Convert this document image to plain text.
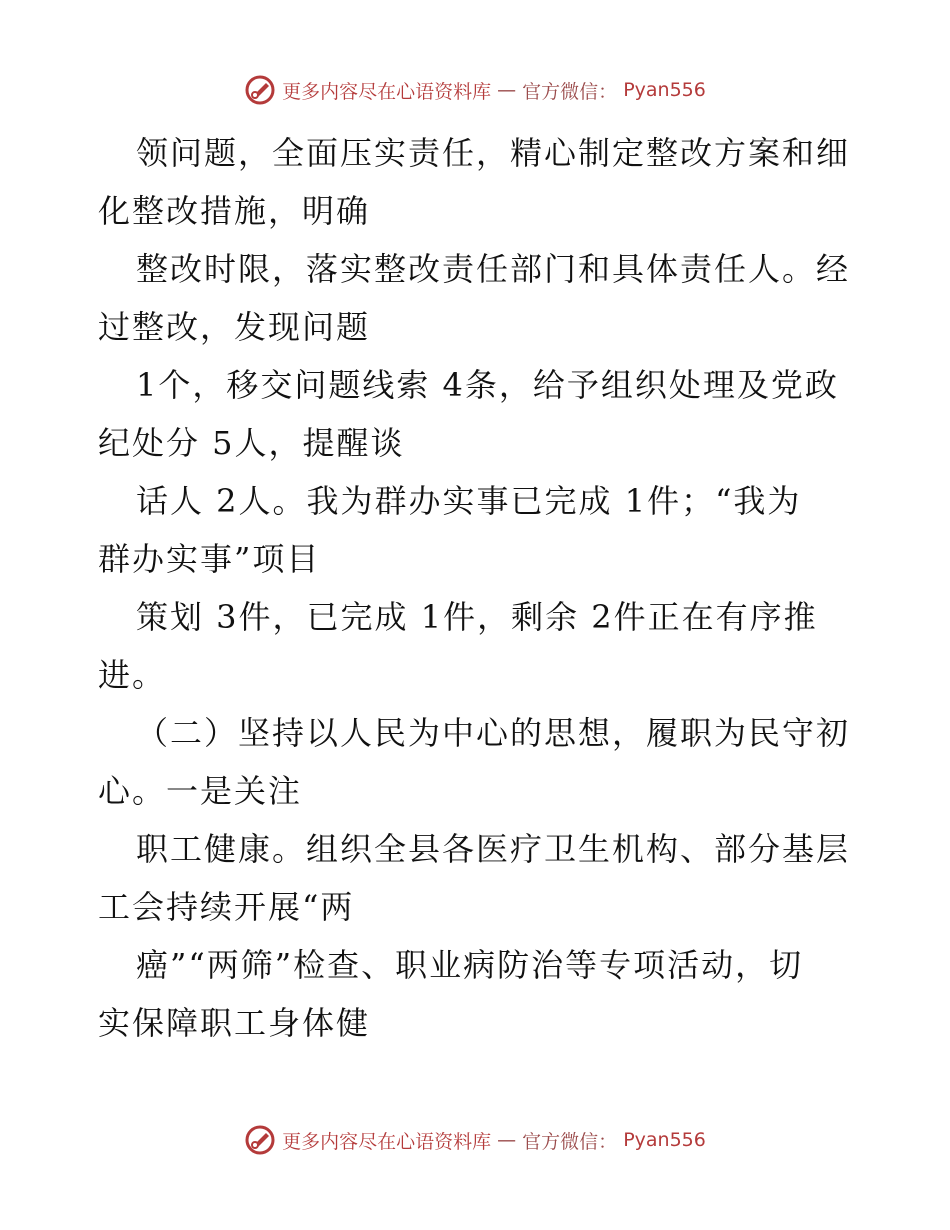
更多内容尽在心语资料库 — 官方微信： Pyan556

领问题，全面压实责任，精心制定整改方案和细
化整改措施，明确

整改时限，落实整改责任部门和具体责任人。经
过整改，发现问题

1个，移交问题线索 4条，给予组织处理及党政
纪处分 5人，提醒谈

话人 2人。我为群办实事已完成 1件；“我为
群办实事”项目

策划 3件，已完成 1件，剩余 2件正在有序推
进。

（二）坚持以人民为中心的思想，履职为民守初
心。一是关注

职工健康。组织全县各医疗卫生机构、部分基层
工会持续开展“两

癌”“两筛”检查、职业病防治等专项活动，切
实保障职工身体健

更多内容尽在心语资料库 — 官方微信： Pyan556
